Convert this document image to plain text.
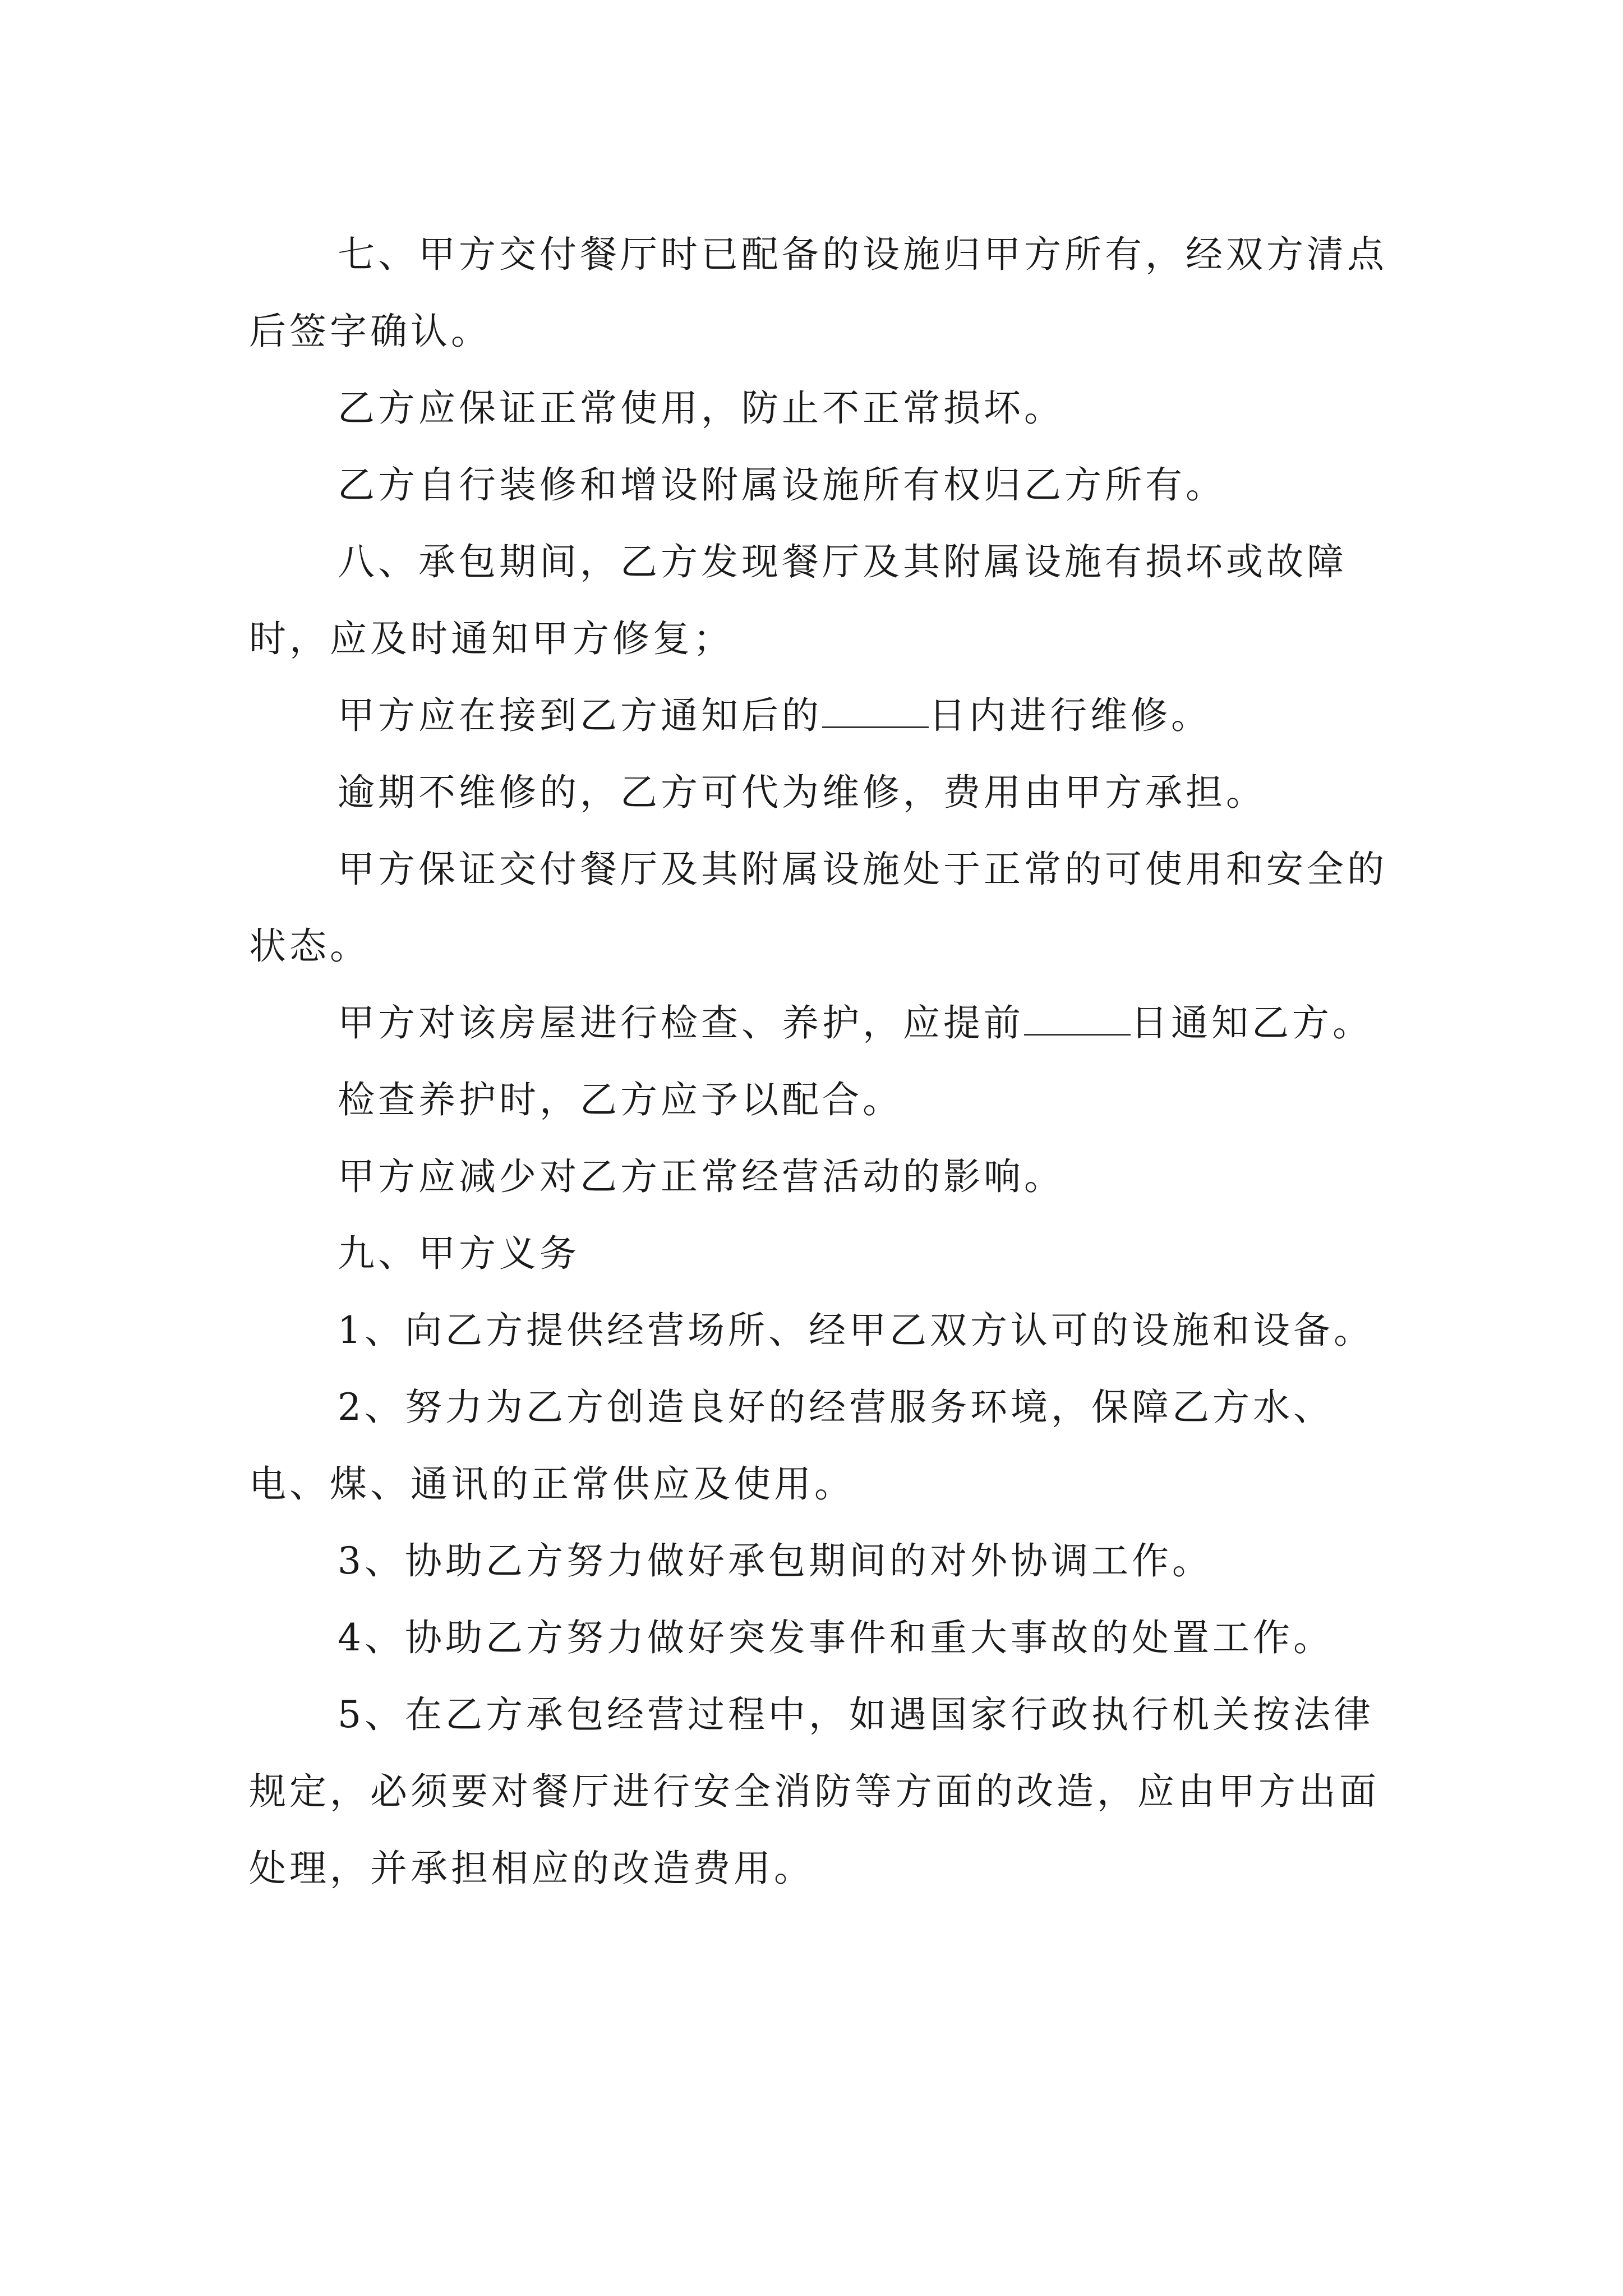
七、甲方交付餐厅时已配备的设施归甲方所有，经双方清点后签字确认。

乙方应保证正常使用，防止不正常损坏。

乙方自行装修和增设附属设施所有权归乙方所有。

八、承包期间，乙方发现餐厅及其附属设施有损坏或故障时，应及时通知甲方修复；

甲方应在接到乙方通知后的	日内进行维修。

逾期不维修的，乙方可代为维修，费用由甲方承担。

甲方保证交付餐厅及其附属设施处于正常的可使用和安全的状态。

甲方对该房屋进行检查、养护，应提前	日通知乙方。

检查养护时，乙方应予以配合。

甲方应减少对乙方正常经营活动的影响。

九、甲方义务

1、向乙方提供经营场所、经甲乙双方认可的设施和设备。

2、努力为乙方创造良好的经营服务环境，保障乙方水、电、煤、通讯的正常供应及使用。

3、协助乙方努力做好承包期间的对外协调工作。

4、协助乙方努力做好突发事件和重大事故的处置工作。

5、在乙方承包经营过程中，如遇国家行政执行机关按法律规定，必须要对餐厅进行安全消防等方面的改造，应由甲方出面处理，并承担相应的改造费用。
